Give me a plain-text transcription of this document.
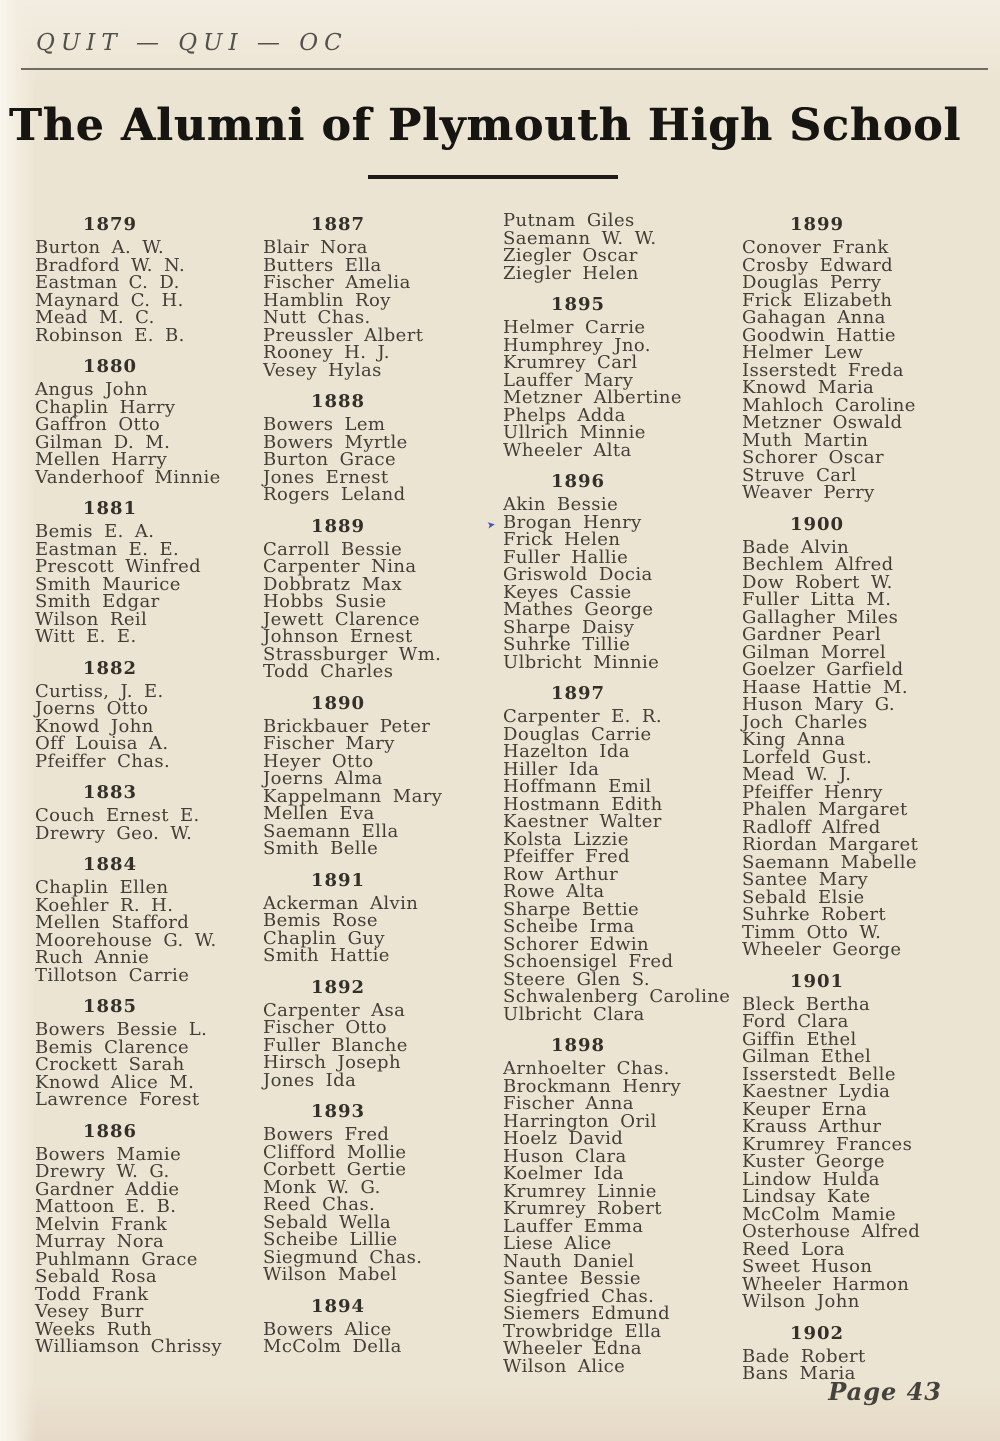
QUIT — QUI — OC
The Alumni of Plymouth High School
1879
Burton A. W.
Bradford W. N.
Eastman C. D.
Maynard C. H.
Mead M. C.
Robinson E. B.
1880
Angus John
Chaplin Harry
Gaffron Otto
Gilman D. M.
Mellen Harry
Vanderhoof Minnie
1881
Bemis E. A.
Eastman E. E.
Prescott Winfred
Smith Maurice
Smith Edgar
Wilson Reil
Witt E. E.
1882
Curtiss, J. E.
Joerns Otto
Knowd John
Off Louisa A.
Pfeiffer Chas.
1883
Couch Ernest E.
Drewry Geo. W.
1884
Chaplin Ellen
Koehler R. H.
Mellen Stafford
Moorehouse G. W.
Ruch Annie
Tillotson Carrie
1885
Bowers Bessie L.
Bemis Clarence
Crockett Sarah
Knowd Alice M.
Lawrence Forest
1886
Bowers Mamie
Drewry W. G.
Gardner Addie
Mattoon E. B.
Melvin Frank
Murray Nora
Puhlmann Grace
Sebald Rosa
Todd Frank
Vesey Burr
Weeks Ruth
Williamson Chrissy
1887
Blair Nora
Butters Ella
Fischer Amelia
Hamblin Roy
Nutt Chas.
Preussler Albert
Rooney H. J.
Vesey Hylas
1888
Bowers Lem
Bowers Myrtle
Burton Grace
Jones Ernest
Rogers Leland
1889
Carroll Bessie
Carpenter Nina
Dobbratz Max
Hobbs Susie
Jewett Clarence
Johnson Ernest
Strassburger Wm.
Todd Charles
1890
Brickbauer Peter
Fischer Mary
Heyer Otto
Joerns Alma
Kappelmann Mary
Mellen Eva
Saemann Ella
Smith Belle
1891
Ackerman Alvin
Bemis Rose
Chaplin Guy
Smith Hattie
1892
Carpenter Asa
Fischer Otto
Fuller Blanche
Hirsch Joseph
Jones Ida
1893
Bowers Fred
Clifford Mollie
Corbett Gertie
Monk W. G.
Reed Chas.
Sebald Wella
Scheibe Lillie
Siegmund Chas.
Wilson Mabel
1894
Bowers Alice
McColm Della
Putnam Giles
Saemann W. W.
Ziegler Oscar
Ziegler Helen
1895
Helmer Carrie
Humphrey Jno.
Krumrey Carl
Lauffer Mary
Metzner Albertine
Phelps Adda
Ullrich Minnie
Wheeler Alta
1896
Akin Bessie
➤ Brogan Henry
Frick Helen
Fuller Hallie
Griswold Docia
Keyes Cassie
Mathes George
Sharpe Daisy
Suhrke Tillie
Ulbricht Minnie
1897
Carpenter E. R.
Douglas Carrie
Hazelton Ida
Hiller Ida
Hoffmann Emil
Hostmann Edith
Kaestner Walter
Kolsta Lizzie
Pfeiffer Fred
Row Arthur
Rowe Alta
Sharpe Bettie
Scheibe Irma
Schorer Edwin
Schoensigel Fred
Steere Glen S.
Schwalenberg Caroline
Ulbricht Clara
1898
Arnhoelter Chas.
Brockmann Henry
Fischer Anna
Harrington Oril
Hoelz David
Huson Clara
Koelmer Ida
Krumrey Linnie
Krumrey Robert
Lauffer Emma
Liese Alice
Nauth Daniel
Santee Bessie
Siegfried Chas.
Siemers Edmund
Trowbridge Ella
Wheeler Edna
Wilson Alice
1899
Conover Frank
Crosby Edward
Douglas Perry
Frick Elizabeth
Gahagan Anna
Goodwin Hattie
Helmer Lew
Isserstedt Freda
Knowd Maria
Mahloch Caroline
Metzner Oswald
Muth Martin
Schorer Oscar
Struve Carl
Weaver Perry
1900
Bade Alvin
Bechlem Alfred
Dow Robert W.
Fuller Litta M.
Gallagher Miles
Gardner Pearl
Gilman Morrel
Goelzer Garfield
Haase Hattie M.
Huson Mary G.
Joch Charles
King Anna
Lorfeld Gust.
Mead W. J.
Pfeiffer Henry
Phalen Margaret
Radloff Alfred
Riordan Margaret
Saemann Mabelle
Santee Mary
Sebald Elsie
Suhrke Robert
Timm Otto W.
Wheeler George
1901
Bleck Bertha
Ford Clara
Giffin Ethel
Gilman Ethel
Isserstedt Belle
Kaestner Lydia
Keuper Erna
Krauss Arthur
Krumrey Frances
Kuster George
Lindow Hulda
Lindsay Kate
McColm Mamie
Osterhouse Alfred
Reed Lora
Sweet Huson
Wheeler Harmon
Wilson John
1902
Bade Robert
Bans Maria
Page 43
